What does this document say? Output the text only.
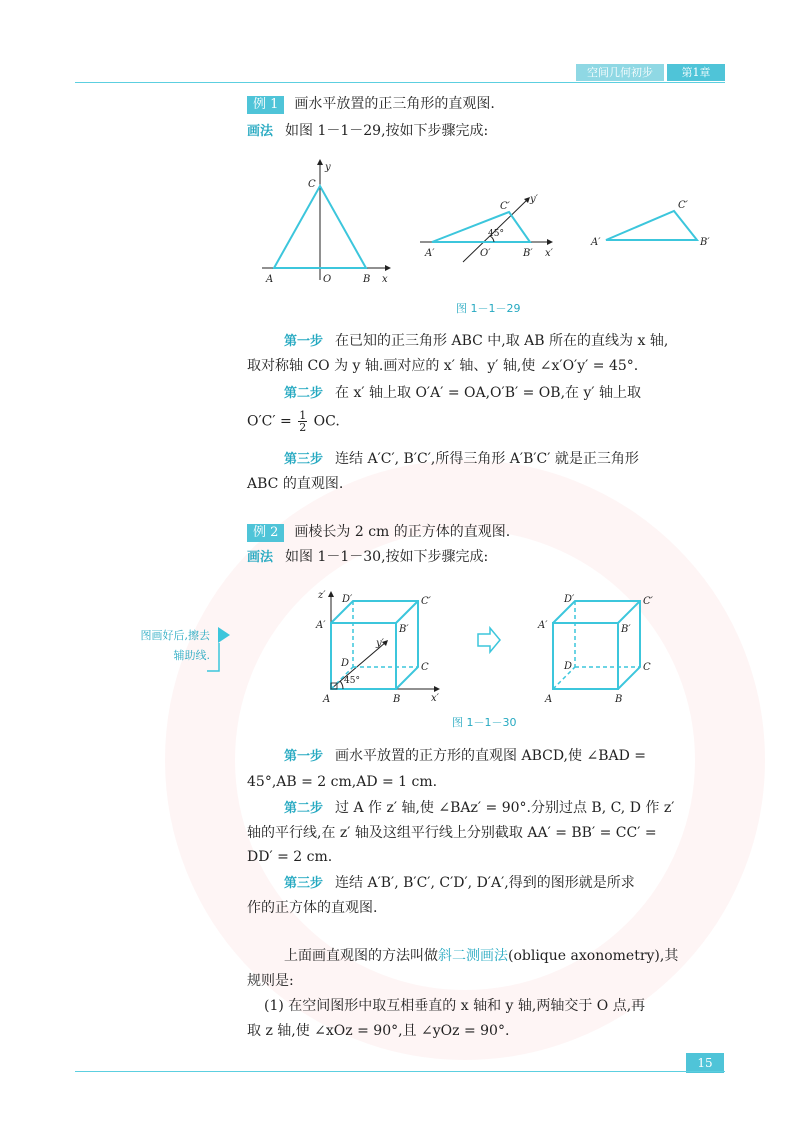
空间几何初步	第1章
例 1 画水平放置的正三角形的直观图.
画法 如图 1－1－29,按如下步骤完成:
y
x
C
A	O	B
C′
y′
45°
A′	O′	B′ x′
C′
A′	B′
图 1－1－29
第一步 在已知的正三角形 ABC 中,取 AB 所在的直线为 x 轴,
取对称轴 CO 为 y 轴.画对应的 x′ 轴、y′ 轴,使 ∠x′O′y′ = 45°.
第二步 在 x′ 轴上取 O′A′ = OA,O′B′ = OB,在 y′ 轴上取
$O'C' = \frac{1}{2}$ OC.
第三步 连结 A′C′, B′C′,所得三角形 A′B′C′ 就是正三角形
ABC 的直观图.
例 2 画棱长为 2 cm 的正方体的直观图.
画法 如图 1－1－30,按如下步骤完成:
图画好后,擦去
辅助线.
z′ D′	C′
A′	B′
y′
D	C
45°
A	B	x′
D′	C′
A′	B′
D	C
A	B
图 1－1－30
第一步 画水平放置的正方形的直观图 ABCD,使 ∠BAD =
45°,AB = 2 cm,AD = 1 cm.
第二步 过 A 作 z′ 轴,使 ∠BAz′ = 90°.分别过点 B, C, D 作 z′
轴的平行线,在 z′ 轴及这组平行线上分别截取 AA′ = BB′ = CC′ =
DD′ = 2 cm.
第三步 连结 A′B′, B′C′, C′D′, D′A′,得到的图形就是所求
作的正方体的直观图.
上面画直观图的方法叫做斜二测画法(oblique axonometry),其
规则是:
(1) 在空间图形中取互相垂直的 x 轴和 y 轴,两轴交于 O 点,再
取 z 轴,使 ∠xOz = 90°,且 ∠yOz = 90°.
15
